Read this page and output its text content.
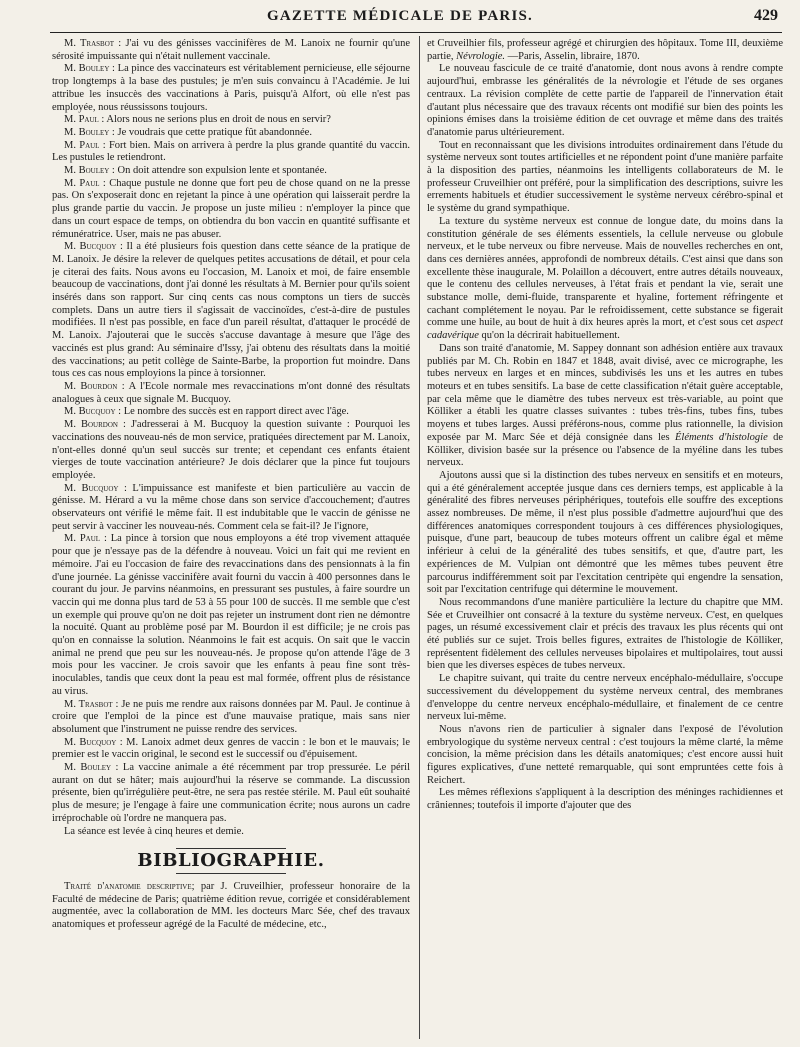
GAZETTE MÉDICALE DE PARIS.	429

M. Trasbot : J'ai vu des génisses vaccinifères de M. Lanoix ne fournir qu'une sérosité impuissante qui n'était nullement vaccinale.

M. Bouley : La pince des vaccinateurs est véritablement pernicieuse, elle séjourne trop longtemps à la base des pustules; je m'en suis convaincu à l'Académie. Je lui attribue les insuccès des vaccinations à Paris, puisqu'à Alfort, où elle n'est pas employée, nous réussissons toujours.

M. Paul : Alors nous ne serions plus en droit de nous en servir?

M. Bouley : Je voudrais que cette pratique fût abandonnée.

M. Paul : Fort bien. Mais on arrivera à perdre la plus grande quantité du vaccin. Les pustules le retiendront.

M. Bouley : On doit attendre son expulsion lente et spontanée.

M. Paul : Chaque pustule ne donne que fort peu de chose quand on ne la presse pas. On s'exposerait donc en rejetant la pince à une opération qui laisserait perdre la plus grande partie du vaccin. Je propose un juste milieu : n'employer la pince que dans un court espace de temps, on obtiendra du bon vaccin en quantité suffisante et rémunératrice. User, mais ne pas abuser.

M. Bucquoy : Il a été plusieurs fois question dans cette séance de la pratique de M. Lanoix. Je désire la relever de quelques petites accusations de détail, et pour cela je citerai des faits. Nous avons eu l'occasion, M. Lanoix et moi, de faire ensemble beaucoup de vaccinations, dont j'ai donné les résultats à M. Bernier pour qu'ils soient insérés dans son rapport. Sur cinq cents cas nous comptons un tiers de succès complets. Dans un autre tiers il s'agissait de vaccinoïdes, c'est-à-dire de pustules modifiées. Il n'est pas possible, en face d'un pareil résultat, d'attaquer le procédé de M. Lanoix. J'ajouterai que le succès s'accuse davantage à mesure que l'âge des vaccinés est plus grand: Au séminaire d'Issy, j'ai obtenu des résultats dans la moitié des vaccinations; au petit collège de Sainte-Barbe, la proportion fut moindre. Dans tous ces cas nous employions la pince à torsionner.

M. Bourdon : A l'Ecole normale mes revaccinations m'ont donné des résultats analogues à ceux que signale M. Bucquoy.

M. Bucquoy : Le nombre des succès est en rapport direct avec l'âge.

M. Bourdon : J'adresserai à M. Bucquoy la question suivante : Pourquoi les vaccinations des nouveau-nés de mon service, pratiquées directement par M. Lanoix, n'ont-elles donné qu'un seul succès sur trente; et cependant ces enfants étaient vierges de toute vaccination antérieure? Je dois déclarer que la pince fut toujours employée.

M. Bucquoy : L'impuissance est manifeste et bien particulière au vaccin de génisse. M. Hérard a vu la même chose dans son service d'accouchement; d'autres observateurs ont vérifié le même fait. Il est indubitable que le vaccin de génisse ne peut servir à vacciner les nouveau-nés. Comment cela se fait-il? Je l'ignore,

M. Paul : La pince à torsion que nous employons a été trop vivement attaquée pour que je n'essaye pas de la défendre à nouveau. Voici un fait qui me revient en mémoire. J'ai eu l'occasion de faire des revaccinations dans des pensionnats à la fin d'une journée. La génisse vaccinifère avait fourni du vaccin à 400 personnes dans le courant du jour. Je parvins néanmoins, en pressurant ses pustules, à faire sourdre un vaccin qui me donna plus tard de 53 à 55 pour 100 de succès. Il me semble que c'est un exemple qui prouve qu'on ne doit pas rejeter un instrument dont rien ne démontre la nocuité. Quant au problème posé par M. Bourdon il est difficile; je ne crois pas qu'on en connaisse la solution. Néanmoins le fait est acquis. On sait que le vaccin animal ne prend que peu sur les nouveau-nés. Je propose qu'on attende l'âge de 3 mois pour les vacciner. Je crois savoir que les enfants à peau fine sont très-inoculables, tandis que ceux dont la peau est mal formée, offrent plus de résistance au virus.

M. Trasbot : Je ne puis me rendre aux raisons données par M. Paul. Je continue à croire que l'emploi de la pince est d'une mauvaise pratique, mais sans nier absolument que l'instrument ne puisse rendre des services.

M. Bucquoy : M. Lanoix admet deux genres de vaccin : le bon et le mauvais; le premier est le vaccin original, le second est le successif ou d'épuisement.

M. Bouley : La vaccine animale a été récemment par trop pressurée. Le péril aurant on dut se hâter; mais aujourd'hui la réserve se commande. La discussion présente, bien qu'irrégulière peut-être, ne sera pas restée stérile. M. Paul eût souhaité plus de mesure; je l'engage à faire une communication écrite; nous aurons un cadre irréprochable où l'ordre ne manquera pas.

La séance est levée à cinq heures et demie.

BIBLIOGRAPHIE.

Traité d'anatomie descriptive; par J. Cruveilhier, professeur honoraire de la Faculté de médecine de Paris; quatrième édition revue, corrigée et considérablement augmentée, avec la collaboration de MM. les docteurs Marc Sée, chef des travaux anatomiques et professeur agrégé de la Faculté de médecine, etc.,

et Cruveilhier fils, professeur agrégé et chirurgien des hôpitaux. Tome III, deuxième partie, Névrologie. —Paris, Asselin, libraire, 1870.

Le nouveau fascicule de ce traité d'anatomie, dont nous avons à rendre compte aujourd'hui, embrasse les généralités de la névrologie et l'étude de ses organes centraux. La révision complète de cette partie de l'appareil de l'innervation était d'autant plus nécessaire que des travaux récents ont modifié sur bien des points les opinions émises dans la troisième édition de cet ouvrage et même dans des traités d'anatomie parus ultérieurement.

Tout en reconnaissant que les divisions introduites ordinairement dans l'étude du système nerveux sont toutes artificielles et ne répondent point d'une manière parfaite à la disposition des parties, néanmoins les intelligents collaborateurs de M. le professeur Cruveilhier ont préféré, pour la simplification des descriptions, suivre les errements habituels et étudier successivement le système nerveux cérébro-spinal et le système du grand sympathique.

La texture du système nerveux est connue de longue date, du moins dans la constitution générale de ses éléments essentiels, la cellule nerveuse ou globule nerveux, et le tube nerveux ou fibre nerveuse. Mais de nouvelles recherches en ont, dans ces dernières années, approfondi de nombreux détails. C'est ainsi que dans son excellente thèse inaugurale, M. Polaillon a découvert, entre autres détails nouveaux, que le contenu des cellules nerveuses, à l'état frais et pendant la vie, serait une substance molle, demi-fluide, transparente et hyaline, fortement réfringente et cachant complétement le noyau. Par le refroidissement, cette substance se figerait comme une huile, au bout de huit à dix heures après la mort, et c'est sous cet aspect cadavérique qu'on la décrirait habituellement.

Dans son traité d'anatomie, M. Sappey donnant son adhésion entière aux travaux publiés par M. Ch. Robin en 1847 et 1848, avait divisé, avec ce micrographe, les tubes nerveux en larges et en minces, subdivisés les uns et les autres en tubes moteurs et en tubes sensitifs. La base de cette classification n'était guère acceptable, par cela même que le diamètre des tubes nerveux est très-variable, au point que Kölliker a établi les quatre classes suivantes : tubes très-fins, tubes fins, tubes moyens et tubes larges. Aussi préférons-nous, comme plus rationnelle, la division exposée par M. Marc Sée et déjà consignée dans les Éléments d'histologie de Kölliker, division basée sur la présence ou l'absence de la myéline dans les tubes nerveux.

Ajoutons aussi que si la distinction des tubes nerveux en sensitifs et en moteurs, qui a été généralement acceptée jusque dans ces derniers temps, est applicable à la généralité des fibres nerveuses périphériques, toutefois elle souffre des exceptions assez nombreuses. De même, il n'est plus possible d'admettre aujourd'hui que des différences anatomiques correspondent toujours à ces différences physiologiques, puisque, d'une part, beaucoup de tubes moteurs offrent un calibre égal et même inférieur à celui de la généralité des tubes sensitifs, et que, d'autre part, les expériences de M. Vulpian ont démontré que les mêmes tubes peuvent être parcourus indifféremment soit par l'excitation centripète qui engendre la sensation, soit par l'excitation centrifuge qui détermine le mouvement.

Nous recommandons d'une manière particulière la lecture du chapitre que MM. Sée et Cruveilhier ont consacré à la texture du système nerveux. C'est, en quelques pages, un résumé excessivement clair et précis des travaux les plus récents qui ont été publiés sur ce sujet. Trois belles figures, extraites de l'histologie de Kölliker, représentent fidèlement des cellules nerveuses bipolaires et multipolaires, tout aussi bien que les diverses espèces de tubes nerveux.

Le chapitre suivant, qui traite du centre nerveux encéphalo-médullaire, s'occupe successivement du développement du système nerveux central, des membranes d'enveloppe du centre nerveux encéphalo-médullaire, et finalement de ce centre nerveux lui-même.

Nous n'avons rien de particulier à signaler dans l'exposé de l'évolution embryologique du système nerveux central : c'est toujours la même clarté, la même concision, la même précision dans les détails anatomiques; c'est encore aussi huit figures explicatives, d'une netteté remarquable, qui sont empruntées cette fois à Reichert.

Les mêmes réflexions s'appliquent à la description des méninges rachidiennes et crâniennes; toutefois il importe d'ajouter que des
